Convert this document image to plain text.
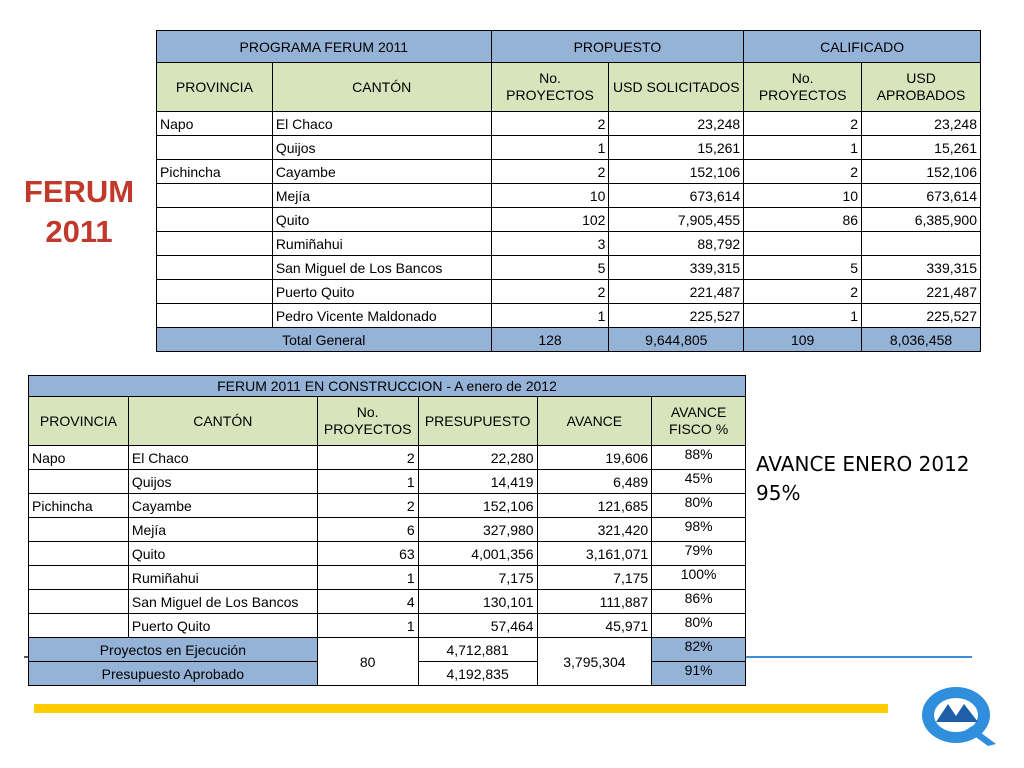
FERUM
2011
PROGRAMA FERUM 2011		PROPUESTO		CALIFICADO	
PROVINCIA	CANTÓN	No. PROYECTOS	USD SOLICITADOS	No. PROYECTOS	USD APROBADOS
Napo	El Chaco	2	23,248	2	23,248
	Quijos	1	15,261	1	15,261
Pichincha	Cayambe	2	152,106	2	152,106
	Mejía	10	673,614	10	673,614
	Quito	102	7,905,455	86	6,385,900
	Rumiñahui	3	88,792		
	San Miguel de Los Bancos	5	339,315	5	339,315
	Puerto Quito	2	221,487	2	221,487
	Pedro Vicente Maldonado	1	225,527	1	225,527
Total General		128	9,644,805	109	8,036,458
FERUM 2011 EN CONSTRUCCION - A enero de 2012					
PROVINCIA	CANTÓN	No. PROYECTOS	PRESUPUESTO	AVANCE	AVANCE FISCO %
Napo	El Chaco	2	22,280	19,606	88%
	Quijos	1	14,419	6,489	45%
Pichincha	Cayambe	2	152,106	121,685	80%
	Mejía	6	327,980	321,420	98%
	Quito	63	4,001,356	3,161,071	79%
	Rumiñahui	1	7,175	7,175	100%
	San Miguel de Los Bancos	4	130,101	111,887	86%
	Puerto Quito	1	57,464	45,971	80%
Proyectos en Ejecución		80	4,712,881	3,795,304	82%
Presupuesto Aprobado			4,192,835		91%
AVANCE ENERO 2012
95%
